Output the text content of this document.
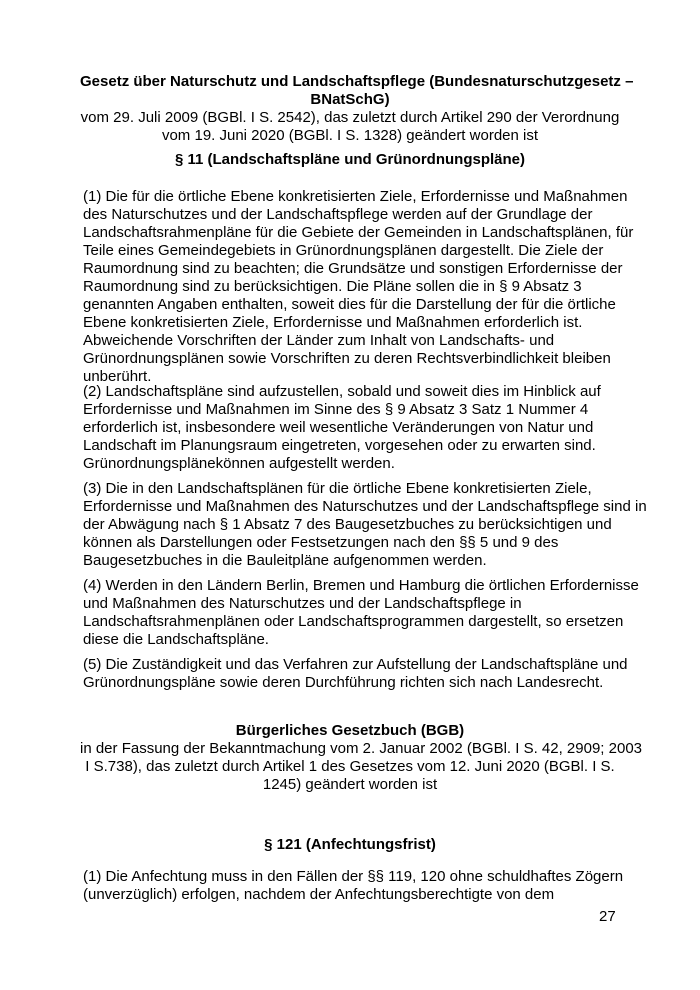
Gesetz über Naturschutz und Landschaftspflege (Bundesnaturschutzgesetz –
BNatSchG)
vom 29. Juli 2009 (BGBl. I S. 2542), das zuletzt durch Artikel 290 der Verordnung
vom 19. Juni 2020 (BGBl. I S. 1328) geändert worden ist
§ 11 (Landschaftspläne und Grünordnungspläne)
(1) Die für die örtliche Ebene konkretisierten Ziele, Erfordernisse und Maßnahmen
des Naturschutzes und der Landschaftspflege werden auf der Grundlage der
Landschaftsrahmenpläne für die Gebiete der Gemeinden in Landschaftsplänen, für
Teile eines Gemeindegebiets in Grünordnungsplänen dargestellt. Die Ziele der
Raumordnung sind zu beachten; die Grundsätze und sonstigen Erfordernisse der
Raumordnung sind zu berücksichtigen. Die Pläne sollen die in § 9 Absatz 3
genannten Angaben enthalten, soweit dies für die Darstellung der für die örtliche
Ebene konkretisierten Ziele, Erfordernisse und Maßnahmen erforderlich ist.
Abweichende Vorschriften der Länder zum Inhalt von Landschafts- und
Grünordnungsplänen sowie Vorschriften zu deren Rechtsverbindlichkeit bleiben
unberührt.
(2) Landschaftspläne sind aufzustellen, sobald und soweit dies im Hinblick auf
Erfordernisse und Maßnahmen im Sinne des § 9 Absatz 3 Satz 1 Nummer 4
erforderlich ist, insbesondere weil wesentliche Veränderungen von Natur und
Landschaft im Planungsraum eingetreten, vorgesehen oder zu erwarten sind.
Grünordnungsplänekönnen aufgestellt werden.
(3) Die in den Landschaftsplänen für die örtliche Ebene konkretisierten Ziele,
Erfordernisse und Maßnahmen des Naturschutzes und der Landschaftspflege sind in
der Abwägung nach § 1 Absatz 7 des Baugesetzbuches zu berücksichtigen und
können als Darstellungen oder Festsetzungen nach den §§ 5 und 9 des
Baugesetzbuches in die Bauleitpläne aufgenommen werden.
(4) Werden in den Ländern Berlin, Bremen und Hamburg die örtlichen Erfordernisse
und Maßnahmen des Naturschutzes und der Landschaftspflege in
Landschaftsrahmenplänen oder Landschaftsprogrammen dargestellt, so ersetzen
diese die Landschaftspläne.
(5) Die Zuständigkeit und das Verfahren zur Aufstellung der Landschaftspläne und
Grünordnungspläne sowie deren Durchführung richten sich nach Landesrecht.
Bürgerliches Gesetzbuch (BGB)
in der Fassung der Bekanntmachung vom 2. Januar 2002 (BGBl. I S. 42, 2909; 2003
I S.738), das zuletzt durch Artikel 1 des Gesetzes vom 12. Juni 2020 (BGBl. I S.
1245) geändert worden ist
§ 121 (Anfechtungsfrist)
(1) Die Anfechtung muss in den Fällen der §§ 119, 120 ohne schuldhaftes Zögern
(unverzüglich) erfolgen, nachdem der Anfechtungsberechtigte von dem
27
